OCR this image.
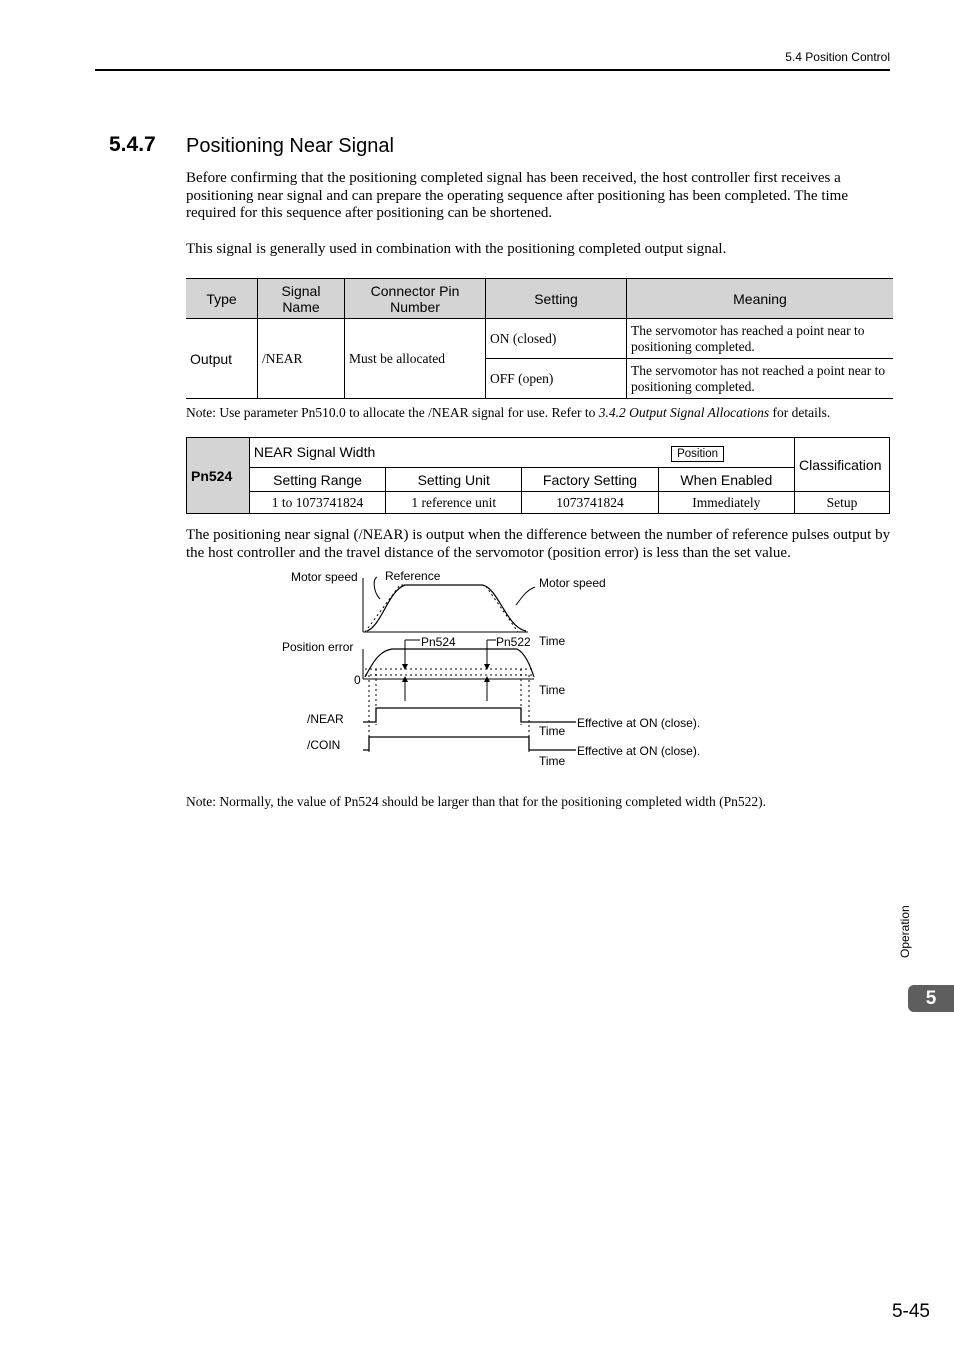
5.4 Position Control
5.4.7 Positioning Near Signal
Before confirming that the positioning completed signal has been received, the host controller first receives a positioning near signal and can prepare the operating sequence after positioning has been completed. The time required for this sequence after positioning can be shortened.
This signal is generally used in combination with the positioning completed output signal.
Type	Signal Name	Connector Pin Number	Setting	Meaning
Output	/NEAR	Must be allocated	ON (closed)	The servomotor has reached a point near to positioning completed.
			OFF (open)	The servomotor has not reached a point near to positioning completed.
Note: Use parameter Pn510.0 to allocate the /NEAR signal for use. Refer to 3.4.2 Output Signal Allocations for details.
Pn524	NEAR Signal Width Position				Classification
	Setting Range	Setting Unit	Factory Setting	When Enabled	
	1 to 1073741824	1 reference unit	1073741824	Immediately	Setup
The positioning near signal (/NEAR) is output when the difference between the number of reference pulses output by the host controller and the travel distance of the servomotor (position error) is less than the set value.
Motor speed Reference	Motor speed
Time
Position error	Pn524	Pn522
0
Time
/NEAR
Time
Effective at ON (close).
/COIN
Time
Effective at ON (close).
Note: Normally, the value of Pn524 should be larger than that for the positioning completed width (Pn522).
Operation
5
5-45
